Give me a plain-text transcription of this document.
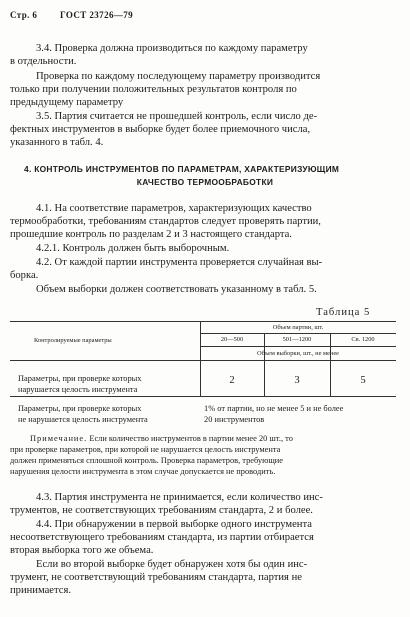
Стр. 6	ГОСТ 23726—79
3.4. Проверка должна производиться по каждому параметру
в отдельности.
Проверка по каждому последующему параметру производится
только при получении положительных результатов контроля по
предыдущему параметру
3.5. Партия считается не прошедшей контроль, если число де-
фектных инструментов в выборке будет более приемочного числа,
указанного в табл. 4.
4. КОНТРОЛЬ ИНСТРУМЕНТОВ ПО ПАРАМЕТРАМ, ХАРАКТЕРИЗУЮЩИМ
КАЧЕСТВО ТЕРМООБРАБОТКИ
4.1. На соответствие параметров, характеризующих качество
термообработки, требованиям стандартов следует проверять партии,
прошедшие контроль по разделам 2 и 3 настоящего стандарта.
4.2.1. Контроль должен быть выборочным.
4.2. От каждой партии инструмента проверяется случайная вы-
борка.
Объем выборки должен соответствовать указанному в табл. 5.
Таблица 5
Контролируемые параметры
Объем партии, шт.
20—500	501—1200	Св. 1200
Объем выборки, шт., не менее
Параметры, при проверке которых
нарушается целость инструмента
2	3	5
Параметры, при проверке которых
не нарушается целость инструмента
1% от партии, но не менее 5 и не более
20 инструментов
Примечание. Если количество инструментов в партии менее 20 шт., то
при проверке параметров, при которой не нарушается целость инструмента
должен применяться сплошной контроль. Проверка параметров, требующие
нарушения целости инструмента в этом случае допускается не проводить.
4.3. Партия инструмента не принимается, если количество инс-
трументов, не соответствующих требованиям стандарта, 2 и более.
4.4. При обнаружении в первой выборке одного инструмента
несоответствующего требованиям стандарта, из партии отбирается
вторая выборка того же объема.
Если во второй выборке будет обнаружен хотя бы один инс-
трумент, не соответствующий требованиям стандарта, партия не
принимается.
